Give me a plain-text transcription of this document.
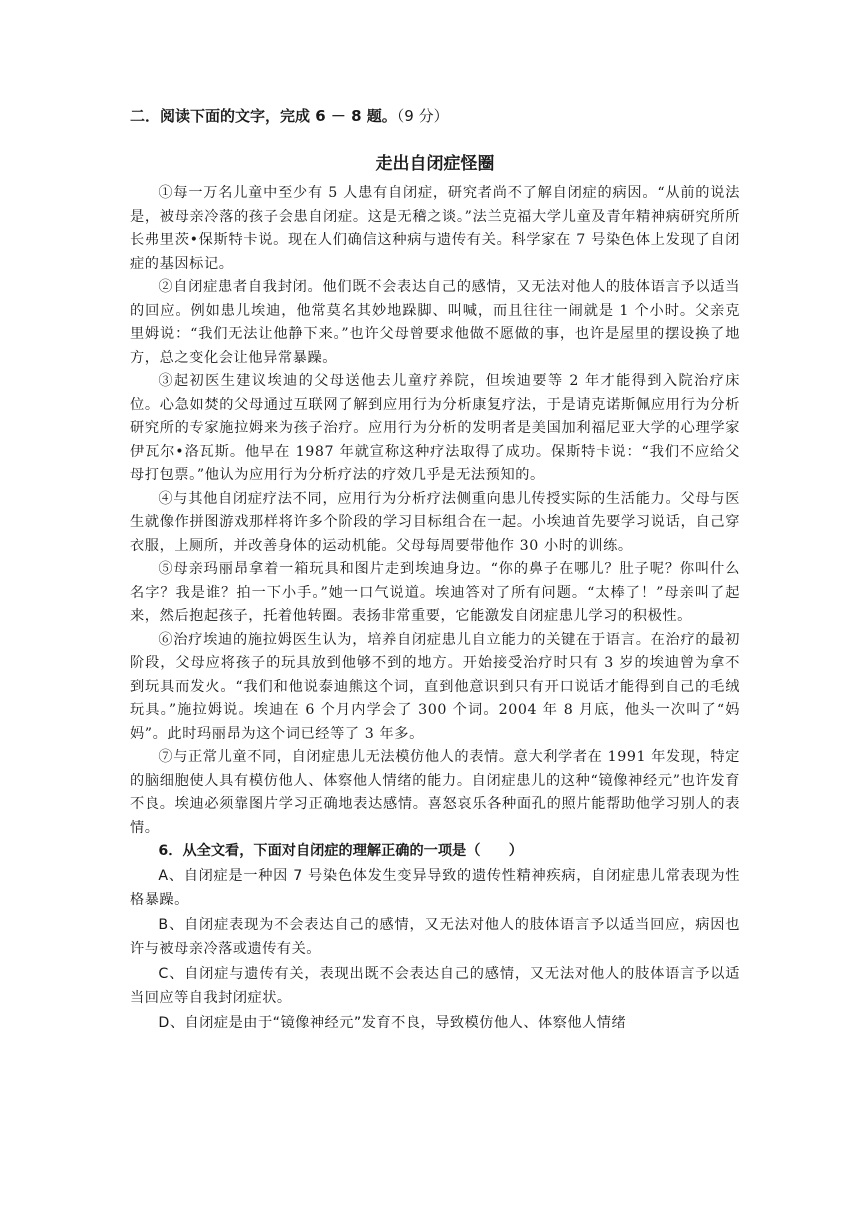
二．阅读下面的文字，完成 6 － 8 题。（9 分）

走出自闭症怪圈

①每一万名儿童中至少有 5 人患有自闭症，研究者尚不了解自闭症的病因。“从前的说法是，被母亲冷落的孩子会患自闭症。这是无稽之谈。”法兰克福大学儿童及青年精神病研究所所长弗里茨•保斯特卡说。现在人们确信这种病与遗传有关。科学家在 7 号染色体上发现了自闭症的基因标记。

②自闭症患者自我封闭。他们既不会表达自己的感情，又无法对他人的肢体语言予以适当的回应。例如患儿埃迪，他常莫名其妙地跺脚、叫喊，而且往往一闹就是 1 个小时。父亲克里姆说：“我们无法让他静下来。”也许父母曾要求他做不愿做的事，也许是屋里的摆设换了地方，总之变化会让他异常暴躁。

③起初医生建议埃迪的父母送他去儿童疗养院，但埃迪要等 2 年才能得到入院治疗床位。心急如焚的父母通过互联网了解到应用行为分析康复疗法，于是请克诺斯佩应用行为分析研究所的专家施拉姆来为孩子治疗。应用行为分析的发明者是美国加利福尼亚大学的心理学家伊瓦尔•洛瓦斯。他早在 1987 年就宣称这种疗法取得了成功。保斯特卡说：“我们不应给父母打包票。”他认为应用行为分析疗法的疗效几乎是无法预知的。

④与其他自闭症疗法不同，应用行为分析疗法侧重向患儿传授实际的生活能力。父母与医生就像作拼图游戏那样将许多个阶段的学习目标组合在一起。小埃迪首先要学习说话，自己穿衣服，上厕所，并改善身体的运动机能。父母每周要带他作 30 小时的训练。

⑤母亲玛丽昂拿着一箱玩具和图片走到埃迪身边。“你的鼻子在哪儿？肚子呢？你叫什么名字？我是谁？拍一下小手。”她一口气说道。埃迪答对了所有问题。“太棒了！”母亲叫了起来，然后抱起孩子，托着他转圈。表扬非常重要，它能激发自闭症患儿学习的积极性。

⑥治疗埃迪的施拉姆医生认为，培养自闭症患儿自立能力的关键在于语言。在治疗的最初阶段，父母应将孩子的玩具放到他够不到的地方。开始接受治疗时只有 3 岁的埃迪曾为拿不到玩具而发火。“我们和他说泰迪熊这个词，直到他意识到只有开口说话才能得到自己的毛绒玩具。”施拉姆说。埃迪在 6 个月内学会了 300 个词。2004 年 8 月底，他头一次叫了“妈妈”。此时玛丽昂为这个词已经等了 3 年多。

⑦与正常儿童不同，自闭症患儿无法模仿他人的表情。意大利学者在 1991 年发现，特定的脑细胞使人具有模仿他人、体察他人情绪的能力。自闭症患儿的这种“镜像神经元”也许发育不良。埃迪必须靠图片学习正确地表达感情。喜怒哀乐各种面孔的照片能帮助他学习别人的表情。

6．从全文看，下面对自闭症的理解正确的一项是（　　）

A、自闭症是一种因 7 号染色体发生变异导致的遗传性精神疾病，自闭症患儿常表现为性格暴躁。

B、自闭症表现为不会表达自己的感情，又无法对他人的肢体语言予以适当回应，病因也许与被母亲冷落或遗传有关。

C、自闭症与遗传有关，表现出既不会表达自己的感情，又无法对他人的肢体语言予以适当回应等自我封闭症状。

D、自闭症是由于“镜像神经元”发育不良，导致模仿他人、体察他人情绪
